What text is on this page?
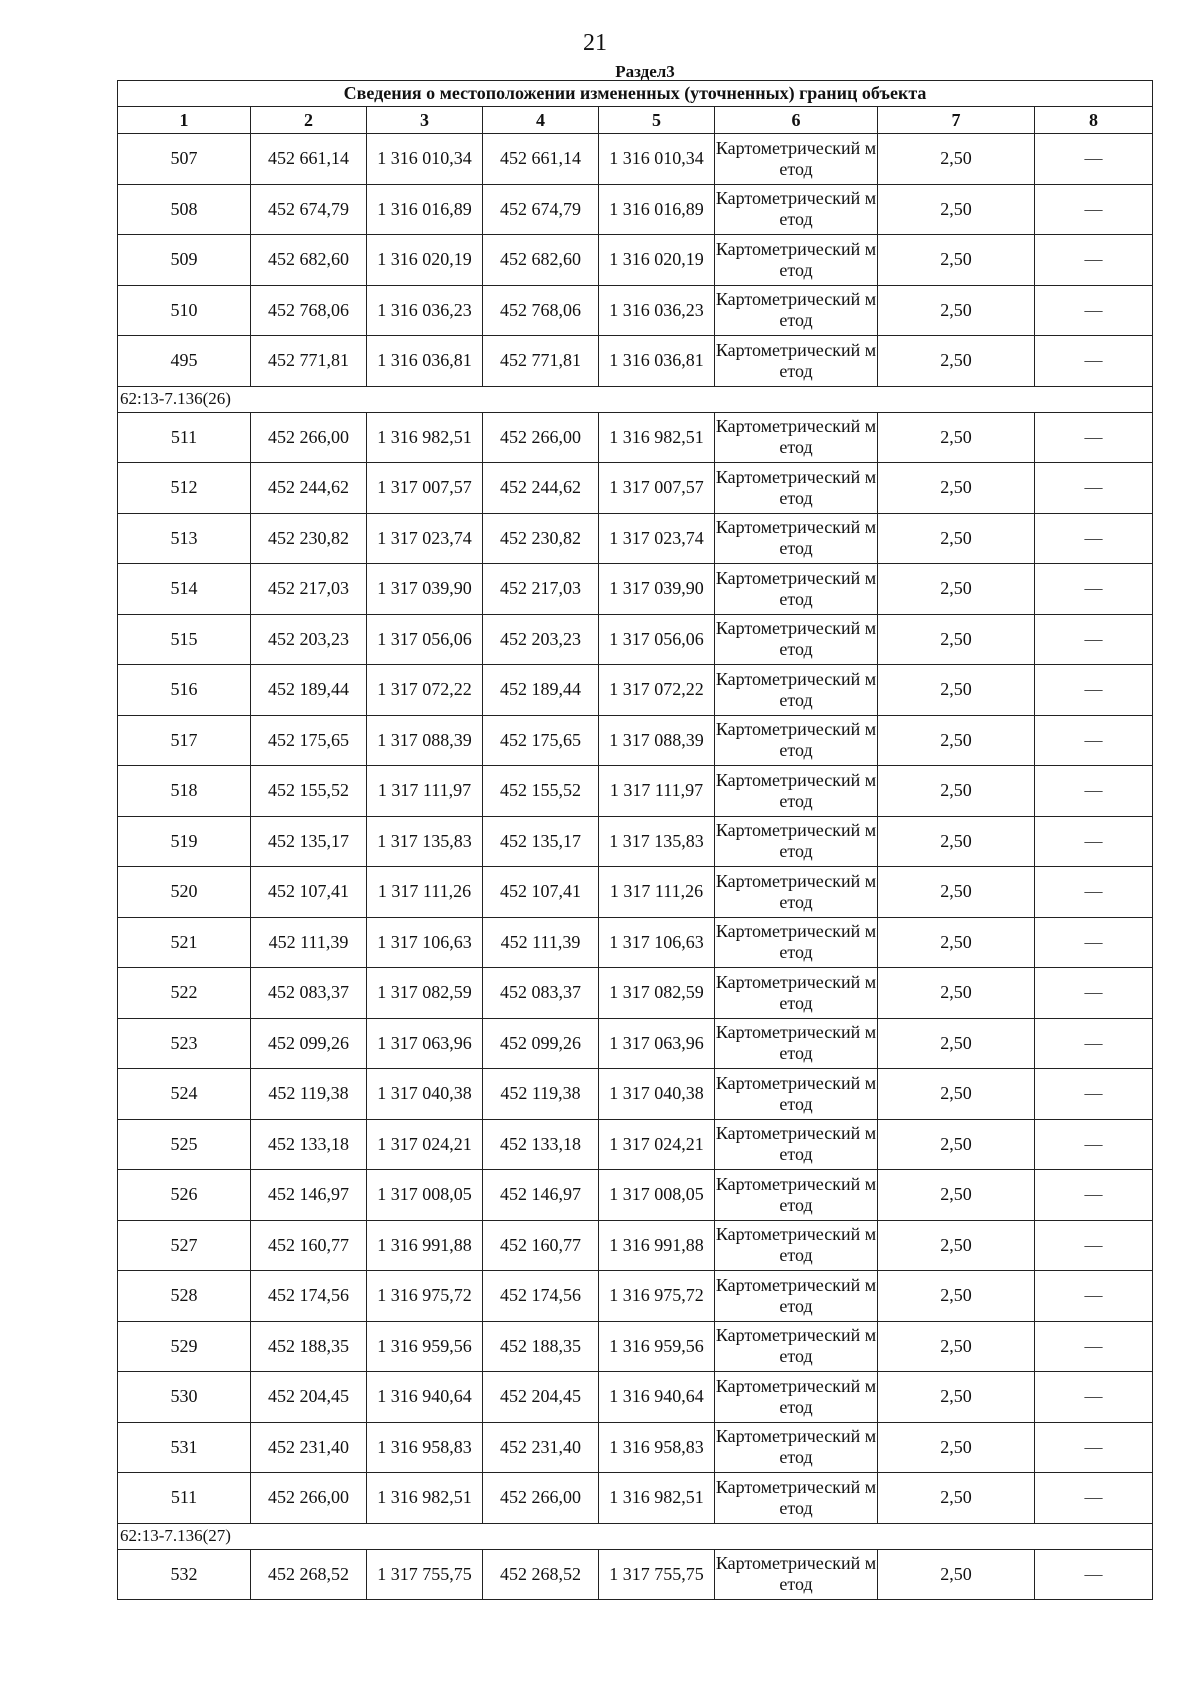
21
Раздел3
Сведения о местоположении измененных (уточненных) границ объекта							
1	2	3	4	5	6	7	8
507	452 661,14	1 316 010,34	452 661,14	1 316 010,34	Картометрический метод	2,50	—
508	452 674,79	1 316 016,89	452 674,79	1 316 016,89	Картометрический метод	2,50	—
509	452 682,60	1 316 020,19	452 682,60	1 316 020,19	Картометрический метод	2,50	—
510	452 768,06	1 316 036,23	452 768,06	1 316 036,23	Картометрический метод	2,50	—
495	452 771,81	1 316 036,81	452 771,81	1 316 036,81	Картометрический метод	2,50	—
62:13-7.136(26)							
511	452 266,00	1 316 982,51	452 266,00	1 316 982,51	Картометрический метод	2,50	—
512	452 244,62	1 317 007,57	452 244,62	1 317 007,57	Картометрический метод	2,50	—
513	452 230,82	1 317 023,74	452 230,82	1 317 023,74	Картометрический метод	2,50	—
514	452 217,03	1 317 039,90	452 217,03	1 317 039,90	Картометрический метод	2,50	—
515	452 203,23	1 317 056,06	452 203,23	1 317 056,06	Картометрический метод	2,50	—
516	452 189,44	1 317 072,22	452 189,44	1 317 072,22	Картометрический метод	2,50	—
517	452 175,65	1 317 088,39	452 175,65	1 317 088,39	Картометрический метод	2,50	—
518	452 155,52	1 317 111,97	452 155,52	1 317 111,97	Картометрический метод	2,50	—
519	452 135,17	1 317 135,83	452 135,17	1 317 135,83	Картометрический метод	2,50	—
520	452 107,41	1 317 111,26	452 107,41	1 317 111,26	Картометрический метод	2,50	—
521	452 111,39	1 317 106,63	452 111,39	1 317 106,63	Картометрический метод	2,50	—
522	452 083,37	1 317 082,59	452 083,37	1 317 082,59	Картометрический метод	2,50	—
523	452 099,26	1 317 063,96	452 099,26	1 317 063,96	Картометрический метод	2,50	—
524	452 119,38	1 317 040,38	452 119,38	1 317 040,38	Картометрический метод	2,50	—
525	452 133,18	1 317 024,21	452 133,18	1 317 024,21	Картометрический метод	2,50	—
526	452 146,97	1 317 008,05	452 146,97	1 317 008,05	Картометрический метод	2,50	—
527	452 160,77	1 316 991,88	452 160,77	1 316 991,88	Картометрический метод	2,50	—
528	452 174,56	1 316 975,72	452 174,56	1 316 975,72	Картометрический метод	2,50	—
529	452 188,35	1 316 959,56	452 188,35	1 316 959,56	Картометрический метод	2,50	—
530	452 204,45	1 316 940,64	452 204,45	1 316 940,64	Картометрический метод	2,50	—
531	452 231,40	1 316 958,83	452 231,40	1 316 958,83	Картометрический метод	2,50	—
511	452 266,00	1 316 982,51	452 266,00	1 316 982,51	Картометрический метод	2,50	—
62:13-7.136(27)							
532	452 268,52	1 317 755,75	452 268,52	1 317 755,75	Картометрический метод	2,50	—
